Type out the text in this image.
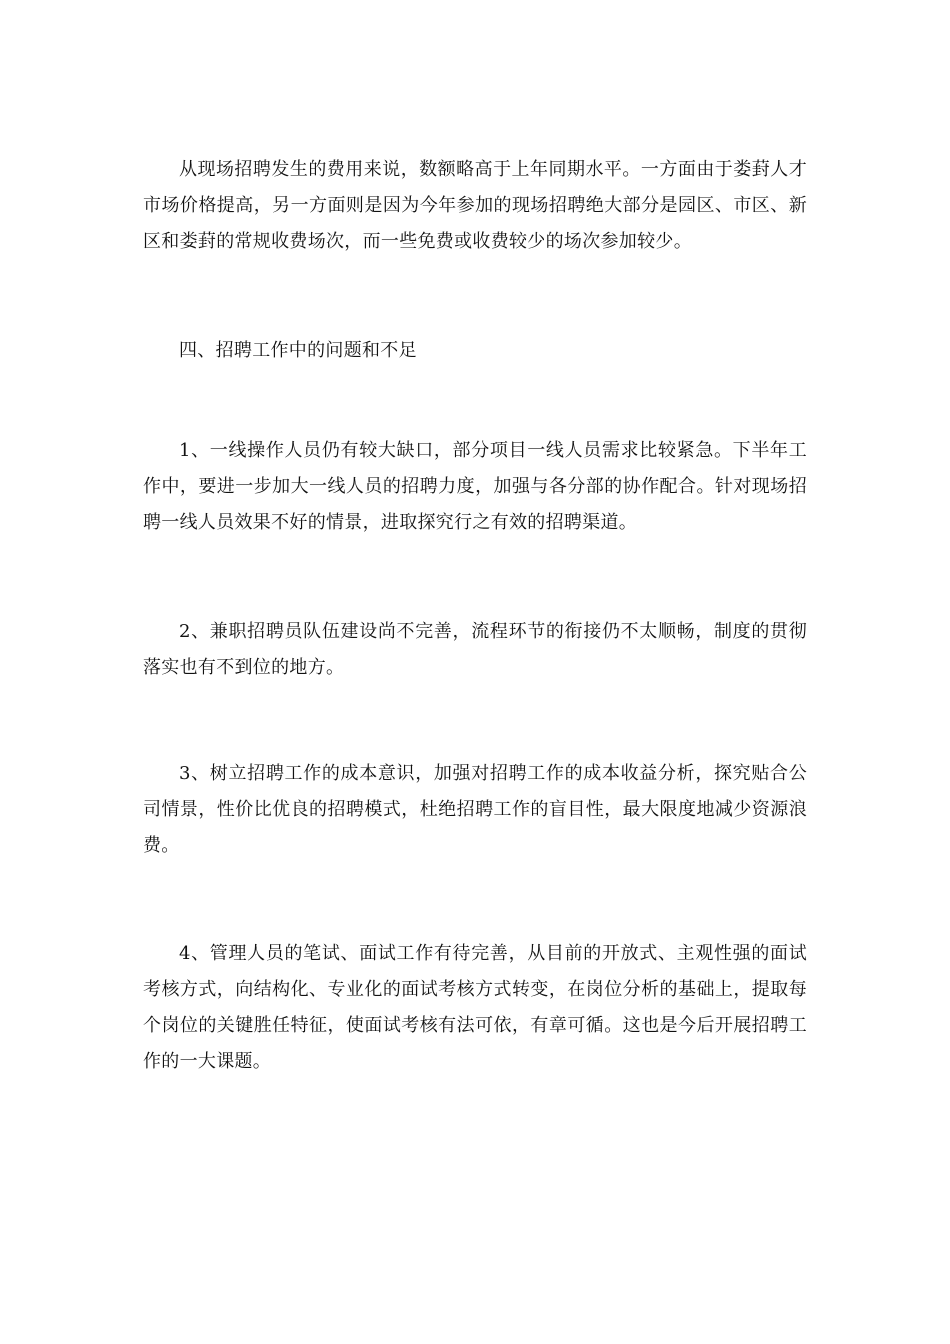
从现场招聘发生的费用来说，数额略高于上年同期水平。一方面由于娄葑人才市场价格提高，另一方面则是因为今年参加的现场招聘绝大部分是园区、市区、新区和娄葑的常规收费场次，而一些免费或收费较少的场次参加较少。

四、招聘工作中的问题和不足

1、一线操作人员仍有较大缺口，部分项目一线人员需求比较紧急。下半年工作中，要进一步加大一线人员的招聘力度，加强与各分部的协作配合。针对现场招聘一线人员效果不好的情景，进取探究行之有效的招聘渠道。

2、兼职招聘员队伍建设尚不完善，流程环节的衔接仍不太顺畅，制度的贯彻落实也有不到位的地方。

3、树立招聘工作的成本意识，加强对招聘工作的成本收益分析，探究贴合公司情景，性价比优良的招聘模式，杜绝招聘工作的盲目性，最大限度地减少资源浪费。

4、管理人员的笔试、面试工作有待完善，从目前的开放式、主观性强的面试考核方式，向结构化、专业化的面试考核方式转变，在岗位分析的基础上，提取每个岗位的关键胜任特征，使面试考核有法可依，有章可循。这也是今后开展招聘工作的一大课题。
